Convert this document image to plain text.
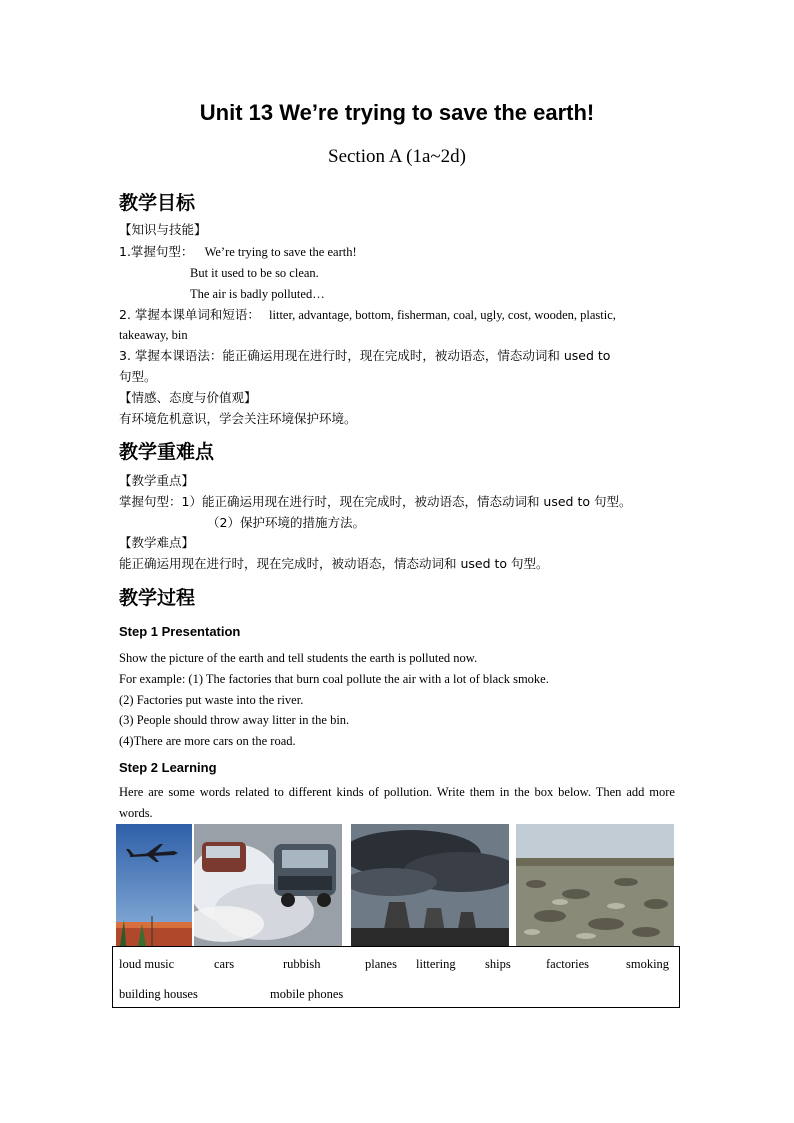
Unit 13 We’re trying to save the earth!
Section A (1a~2d)
教学目标
【知识与技能】
1.掌握句型： We’re trying to save the earth!
But it used to be so clean.
The air is badly polluted…
2. 掌握本课单词和短语： litter, advantage, bottom, fisherman, coal, ugly, cost, wooden, plastic,
takeaway, bin
3. 掌握本课语法：能正确运用现在进行时，现在完成时，被动语态，情态动词和 used to
句型。
【情感、态度与价值观】
有环境危机意识，学会关注环境保护环境。
教学重难点
【教学重点】
掌握句型：1）能正确运用现在进行时，现在完成时，被动语态，情态动词和 used to 句型。
（2）保护环境的措施方法。
【教学难点】
能正确运用现在进行时，现在完成时，被动语态，情态动词和 used to 句型。
教学过程
Step 1 Presentation
Show the picture of the earth and tell students the earth is polluted now.
For example: (1) The factories that burn coal pollute the air with a lot of black smoke.
(2) Factories put waste into the river.
(3) People should throw away litter in the bin.
(4)There are more cars on the road.
Step 2 Learning
Here are some words related to different kinds of pollution. Write them in the box below. Then add more words.
loud music	cars	rubbish	planes littering ships	factories	smoking
building houses	mobile phones
